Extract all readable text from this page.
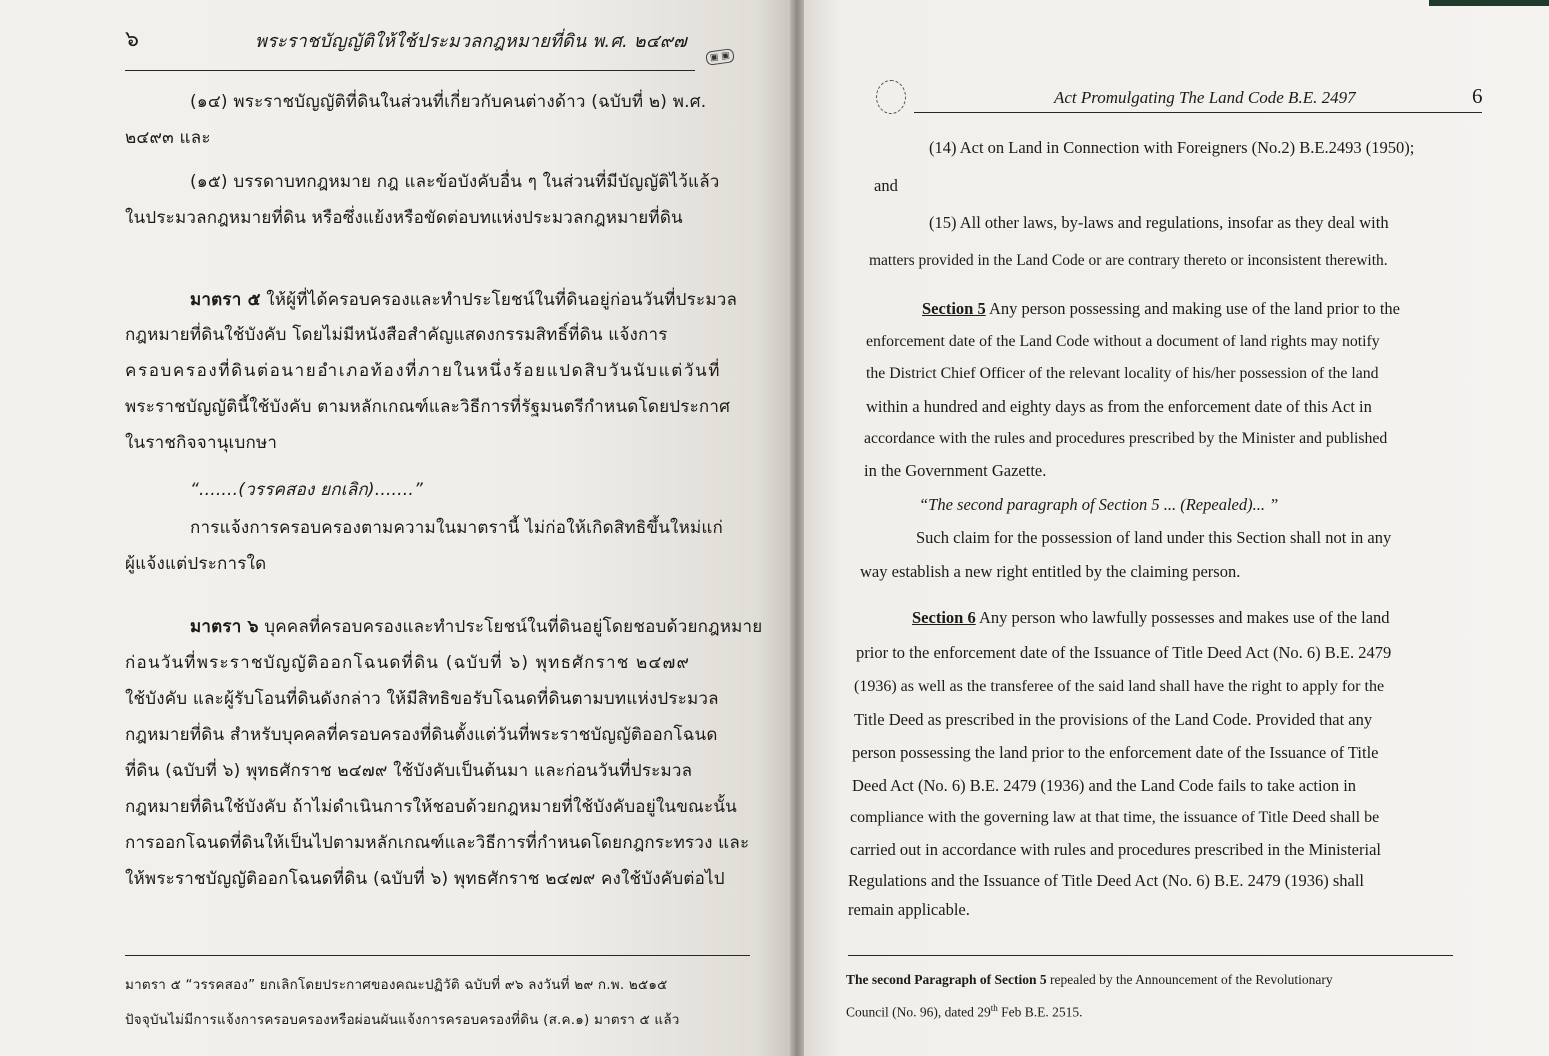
๖	พระราชบัญญัติให้ใช้ประมวลกฎหมายที่ดิน พ.ศ. ๒๔๙๗
▣ ▣
(๑๔) พระราชบัญญัติที่ดินในส่วนที่เกี่ยวกับคนต่างด้าว (ฉบับที่ ๒) พ.ศ.
๒๔๙๓ และ
(๑๕) บรรดาบทกฎหมาย กฎ และข้อบังคับอื่น ๆ ในส่วนที่มีบัญญัติไว้แล้ว
ในประมวลกฎหมายที่ดิน หรือซึ่งแย้งหรือขัดต่อบทแห่งประมวลกฎหมายที่ดิน
มาตรา ๕ ให้ผู้ที่ได้ครอบครองและทำประโยชน์ในที่ดินอยู่ก่อนวันที่ประมวล
กฎหมายที่ดินใช้บังคับ โดยไม่มีหนังสือสำคัญแสดงกรรมสิทธิ์ที่ดิน แจ้งการ
ครอบครองที่ดินต่อนายอำเภอท้องที่ภายในหนึ่งร้อยแปดสิบวันนับแต่วันที่
พระราชบัญญัตินี้ใช้บังคับ ตามหลักเกณฑ์และวิธีการที่รัฐมนตรีกำหนดโดยประกาศ
ในราชกิจจานุเบกษา
“.......(วรรคสอง ยกเลิก).......”
การแจ้งการครอบครองตามความในมาตรานี้ ไม่ก่อให้เกิดสิทธิขึ้นใหม่แก่
ผู้แจ้งแต่ประการใด
มาตรา ๖ บุคคลที่ครอบครองและทำประโยชน์ในที่ดินอยู่โดยชอบด้วยกฎหมาย
ก่อนวันที่พระราชบัญญัติออกโฉนดที่ดิน (ฉบับที่ ๖) พุทธศักราช ๒๔๗๙
ใช้บังคับ และผู้รับโอนที่ดินดังกล่าว ให้มีสิทธิขอรับโฉนดที่ดินตามบทแห่งประมวล
กฎหมายที่ดิน สำหรับบุคคลที่ครอบครองที่ดินตั้งแต่วันที่พระราชบัญญัติออกโฉนด
ที่ดิน (ฉบับที่ ๖) พุทธศักราช ๒๔๗๙ ใช้บังคับเป็นต้นมา และก่อนวันที่ประมวล
กฎหมายที่ดินใช้บังคับ ถ้าไม่ดำเนินการให้ชอบด้วยกฎหมายที่ใช้บังคับอยู่ในขณะนั้น
การออกโฉนดที่ดินให้เป็นไปตามหลักเกณฑ์และวิธีการที่กำหนดโดยกฎกระทรวง และ
ให้พระราชบัญญัติออกโฉนดที่ดิน (ฉบับที่ ๖) พุทธศักราช ๒๔๗๙ คงใช้บังคับต่อไป
มาตรา ๕ “วรรคสอง” ยกเลิกโดยประกาศของคณะปฏิวัติ ฉบับที่ ๙๖ ลงวันที่ ๒๙ ก.พ. ๒๕๑๕
ปัจจุบันไม่มีการแจ้งการครอบครองหรือผ่อนผันแจ้งการครอบครองที่ดิน (ส.ค.๑) มาตรา ๕ แล้ว
Act Promulgating The Land Code B.E. 2497	6
(14) Act on Land in Connection with Foreigners (No.2) B.E.2493 (1950);
and
(15) All other laws, by-laws and regulations, insofar as they deal with
matters provided in the Land Code or are contrary thereto or inconsistent therewith.
Section 5 Any person possessing and making use of the land prior to the
enforcement date of the Land Code without a document of land rights may notify
the District Chief Officer of the relevant locality of his/her possession of the land
within a hundred and eighty days as from the enforcement date of this Act in
accordance with the rules and procedures prescribed by the Minister and published
in the Government Gazette.
“The second paragraph of Section 5 ... (Repealed)... ”
Such claim for the possession of land under this Section shall not in any
way establish a new right entitled by the claiming person.
Section 6 Any person who lawfully possesses and makes use of the land
prior to the enforcement date of the Issuance of Title Deed Act (No. 6) B.E. 2479
(1936) as well as the transferee of the said land shall have the right to apply for the
Title Deed as prescribed in the provisions of the Land Code. Provided that any
person possessing the land prior to the enforcement date of the Issuance of Title
Deed Act (No. 6) B.E. 2479 (1936) and the Land Code fails to take action in
compliance with the governing law at that time, the issuance of Title Deed shall be
carried out in accordance with rules and procedures prescribed in the Ministerial
Regulations and the Issuance of Title Deed Act (No. 6) B.E. 2479 (1936) shall
remain applicable.
The second Paragraph of Section 5 repealed by the Announcement of the Revolutionary
Council (No. 96), dated 29th Feb B.E. 2515.
